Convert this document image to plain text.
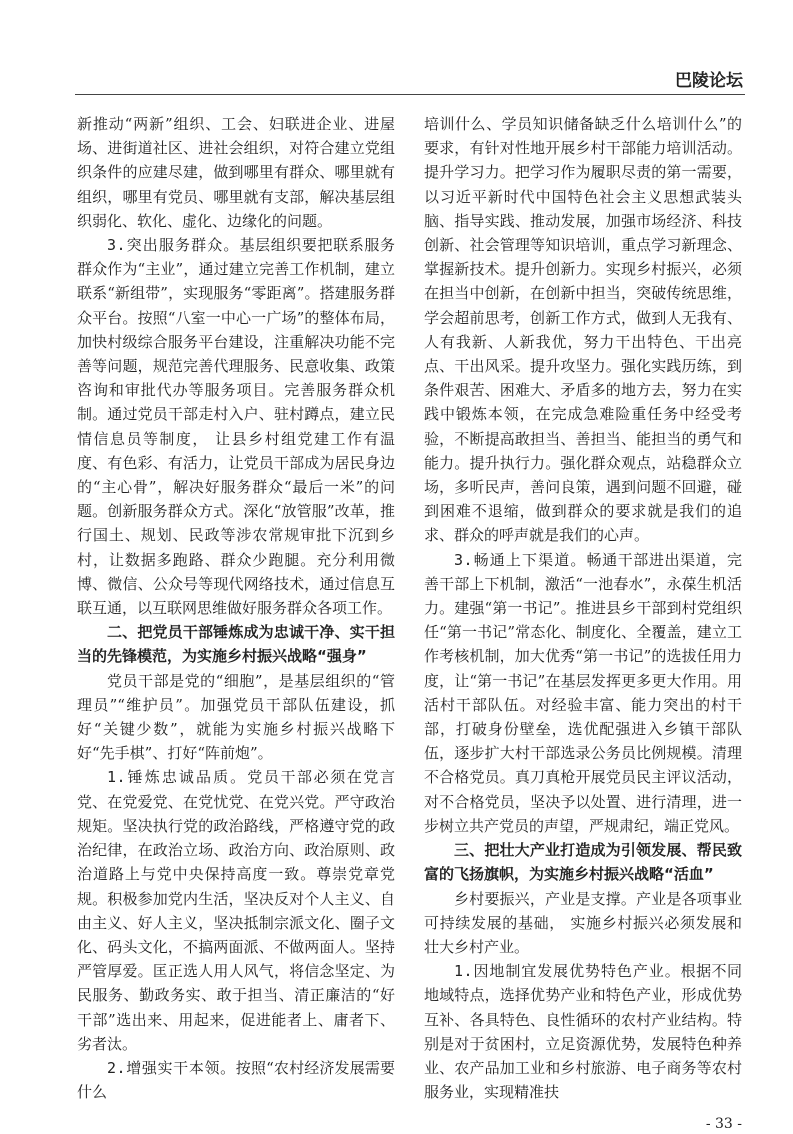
巴陵论坛

新推动“两新”组织、工会、妇联进企业、进屋场、进街道社区、进社会组织，对符合建立党组织条件的应建尽建，做到哪里有群众、哪里就有组织，哪里有党员、哪里就有支部，解决基层组织弱化、软化、虚化、边缘化的问题。

3.突出服务群众。基层组织要把联系服务群众作为“主业”，通过建立完善工作机制，建立联系“新组带”，实现服务“零距离”。搭建服务群众平台。按照“八室一中心一广场”的整体布局，加快村级综合服务平台建设，注重解决功能不完善等问题，规范完善代理服务、民意收集、政策咨询和审批代办等服务项目。完善服务群众机制。通过党员干部走村入户、驻村蹲点，建立民情信息员等制度， 让县乡村组党建工作有温度、有色彩、有活力，让党员干部成为居民身边的“主心骨”，解决好服务群众“最后一米”的问题。创新服务群众方式。深化“放管服”改革，推行国土、规划、民政等涉农常规审批下沉到乡村，让数据多跑路、群众少跑腿。充分利用微博、微信、公众号等现代网络技术，通过信息互联互通，以互联网思维做好服务群众各项工作。

二、把党员干部锤炼成为忠诚干净、实干担当的先锋模范，为实施乡村振兴战略“强身”

党员干部是党的“细胞”，是基层组织的“管理员”“维护员”。加强党员干部队伍建设，抓好“关键少数”，就能为实施乡村振兴战略下好“先手棋”、打好“阵前炮”。

1.锤炼忠诚品质。党员干部必须在党言党、在党爱党、在党忧党、在党兴党。严守政治规矩。坚决执行党的政治路线，严格遵守党的政治纪律，在政治立场、政治方向、政治原则、政治道路上与党中央保持高度一致。尊崇党章党规。积极参加党内生活，坚决反对个人主义、自由主义、好人主义，坚决抵制宗派文化、圈子文化、码头文化，不搞两面派、不做两面人。坚持严管厚爱。匡正选人用人风气，将信念坚定、为民服务、勤政务实、敢于担当、清正廉洁的“好干部”选出来、用起来，促进能者上、庸者下、劣者汰。

2.增强实干本领。按照“农村经济发展需要什么

培训什么、学员知识储备缺乏什么培训什么”的要求，有针对性地开展乡村干部能力培训活动。提升学习力。把学习作为履职尽责的第一需要，以习近平新时代中国特色社会主义思想武装头脑、指导实践、推动发展，加强市场经济、科技创新、社会管理等知识培训，重点学习新理念、掌握新技术。提升创新力。实现乡村振兴，必须在担当中创新，在创新中担当，突破传统思维，学会超前思考，创新工作方式，做到人无我有、人有我新、人新我优，努力干出特色、干出亮点、干出风采。提升攻坚力。强化实践历练，到条件艰苦、困难大、矛盾多的地方去，努力在实践中锻炼本领，在完成急难险重任务中经受考验，不断提高敢担当、善担当、能担当的勇气和能力。提升执行力。强化群众观点，站稳群众立场，多听民声，善问良策，遇到问题不回避，碰到困难不退缩，做到群众的要求就是我们的追求、群众的呼声就是我们的心声。

3.畅通上下渠道。畅通干部进出渠道，完善干部上下机制，激活“一池春水”，永葆生机活力。建强“第一书记”。推进县乡干部到村党组织任“第一书记”常态化、制度化、全覆盖，建立工作考核机制，加大优秀“第一书记”的选拔任用力度，让“第一书记”在基层发挥更多更大作用。用活村干部队伍。对经验丰富、能力突出的村干部，打破身份壁垒，选优配强进入乡镇干部队伍，逐步扩大村干部选录公务员比例规模。清理不合格党员。真刀真枪开展党员民主评议活动，对不合格党员，坚决予以处置、进行清理，进一步树立共产党员的声望，严规肃纪，端正党风。

三、把壮大产业打造成为引领发展、帮民致富的飞扬旗帜，为实施乡村振兴战略“活血”

乡村要振兴，产业是支撑。产业是各项事业可持续发展的基础， 实施乡村振兴必须发展和壮大乡村产业。

1.因地制宜发展优势特色产业。根据不同地域特点，选择优势产业和特色产业，形成优势互补、各具特色、良性循环的农村产业结构。特别是对于贫困村，立足资源优势，发展特色种养业、农产品加工业和乡村旅游、电子商务等农村服务业，实现精准扶

- 33 -
